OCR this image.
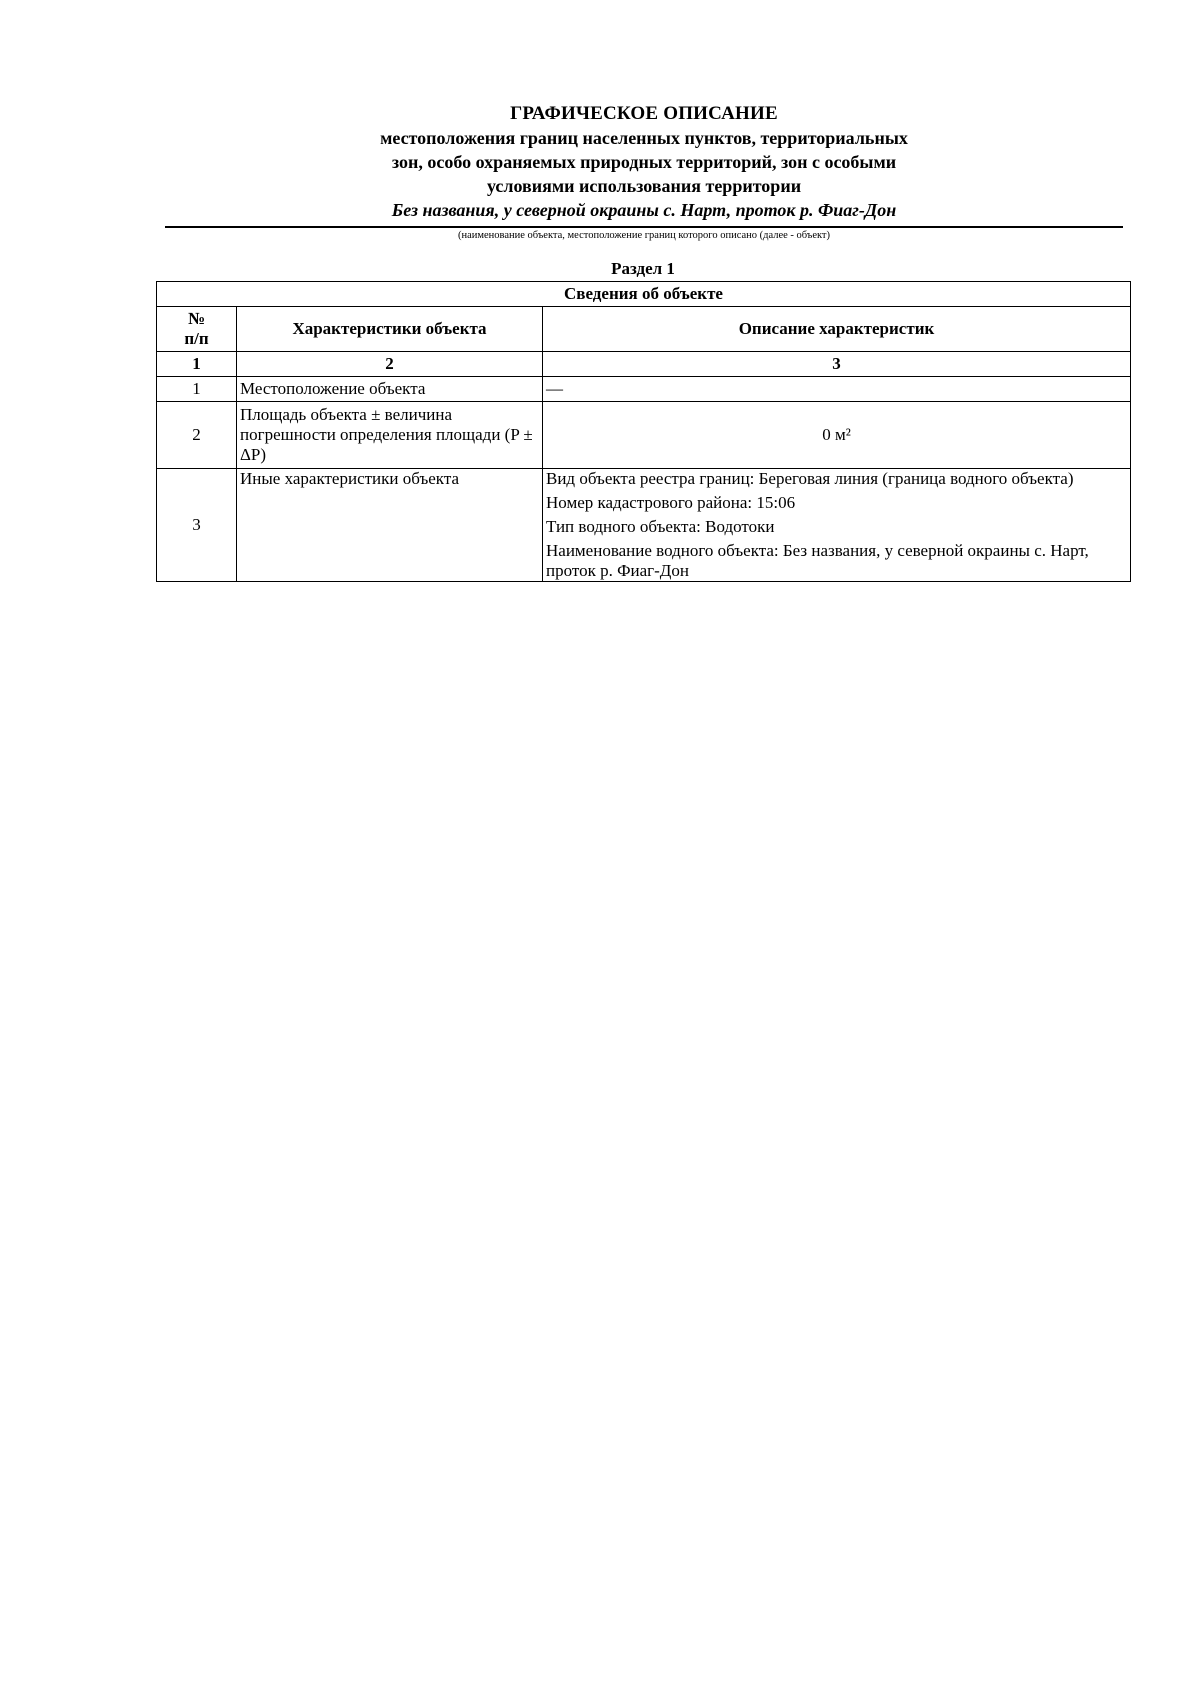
ГРАФИЧЕСКОЕ ОПИСАНИЕ
местоположения границ населенных пунктов, территориальных
зон, особо охраняемых природных территорий, зон с особыми
условиями использования территории
Без названия, у северной окраины с. Нарт, проток р. Фиаг-Дон
(наименование объекта, местоположение границ которого описано (далее - объект)
Раздел 1
Сведения об объекте		

№
п/п	Характеристики объекта	Описание характеристик
1	2	3
1	Местоположение объекта	—
2	Площадь объекта ± величина погрешности определения площади (P ± ΔP)	0 м²
3	Иные характеристики объекта	Вид объекта реестра границ: Береговая линия (граница водного объекта)

Номер кадастрового района: 15:06

Тип водного объекта: Водотоки

Наименование водного объекта: Без названия, у северной окраины с. Нарт, проток р. Фиаг-Дон
